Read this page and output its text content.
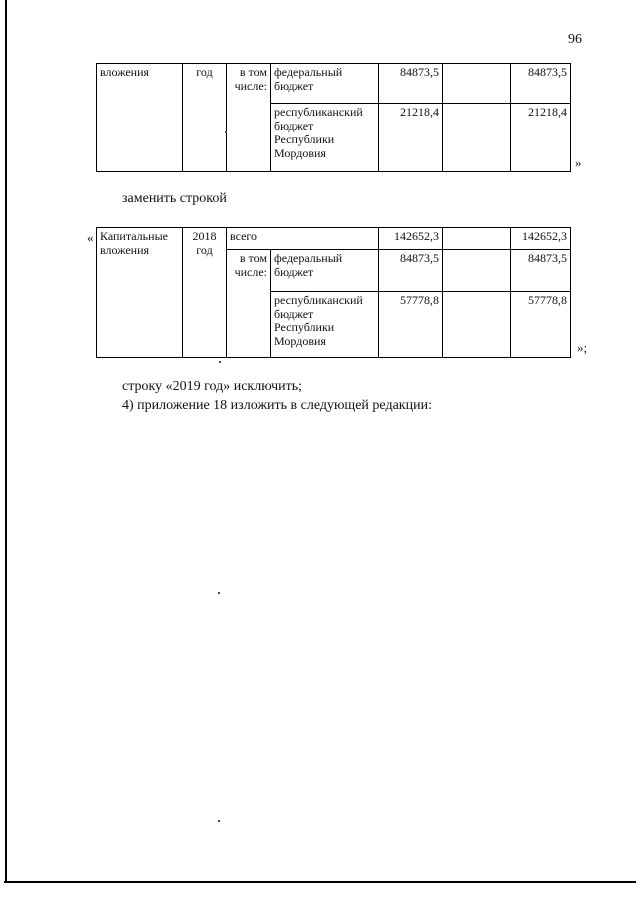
96
вложения	год	в том числе:	федеральный бюджет	84873,5		84873,5
			республиканский бюджет Республики Мордовия	21218,4		21218,4
»
заменить строкой
« Капитальные вложения	2018 год	всего		142652,3		142652,3
		в том числе:	федеральный бюджет	84873,5		84873,5
			республиканский бюджет Республики Мордовия	57778,8		57778,8
»;
строку «2019 год» исключить;
4) приложение 18 изложить в следующей редакции:
